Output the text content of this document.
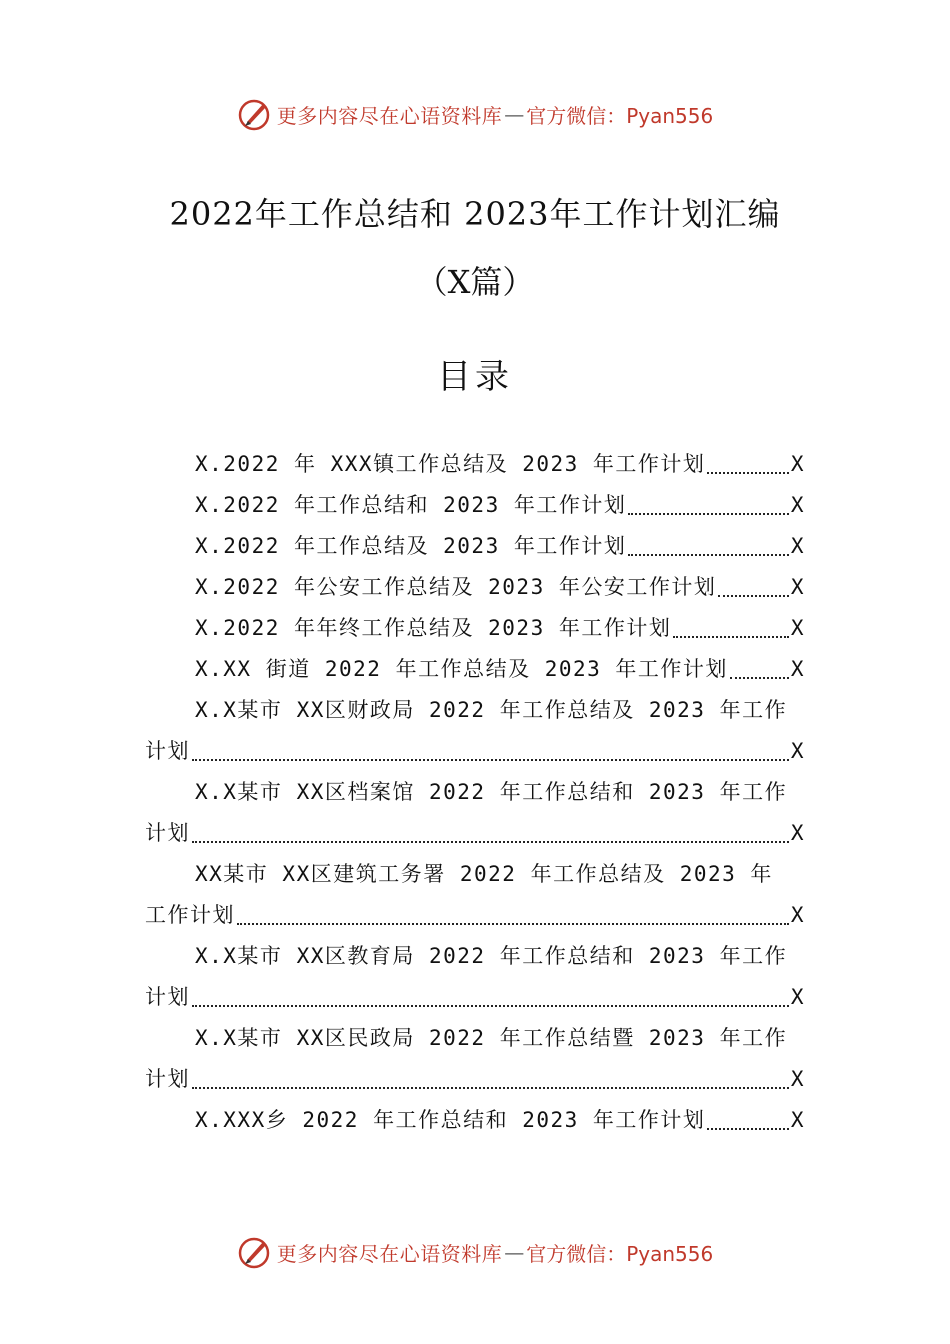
更多内容尽在心语资料库 — 官方微信：Pyan556
2022年工作总结和 2023年工作计划汇编
（X篇）
目录
X.2022 年 XXX镇工作总结及 2023 年工作计划	X
X.2022 年工作总结和 2023 年工作计划	X
X.2022 年工作总结及 2023 年工作计划	X
X.2022 年公安工作总结及 2023 年公安工作计划	X
X.2022 年年终工作总结及 2023 年工作计划	X
X.XX 街道 2022 年工作总结及 2023 年工作计划	X
X.X某市 XX区财政局 2022 年工作总结及 2023 年工作
计划	X
X.X某市 XX区档案馆 2022 年工作总结和 2023 年工作
计划	X
XX某市 XX区建筑工务署 2022 年工作总结及 2023 年
工作计划	X
X.X某市 XX区教育局 2022 年工作总结和 2023 年工作
计划	X
X.X某市 XX区民政局 2022 年工作总结暨 2023 年工作
计划	X
X.XXX乡 2022 年工作总结和 2023 年工作计划	X
更多内容尽在心语资料库 — 官方微信：Pyan556
